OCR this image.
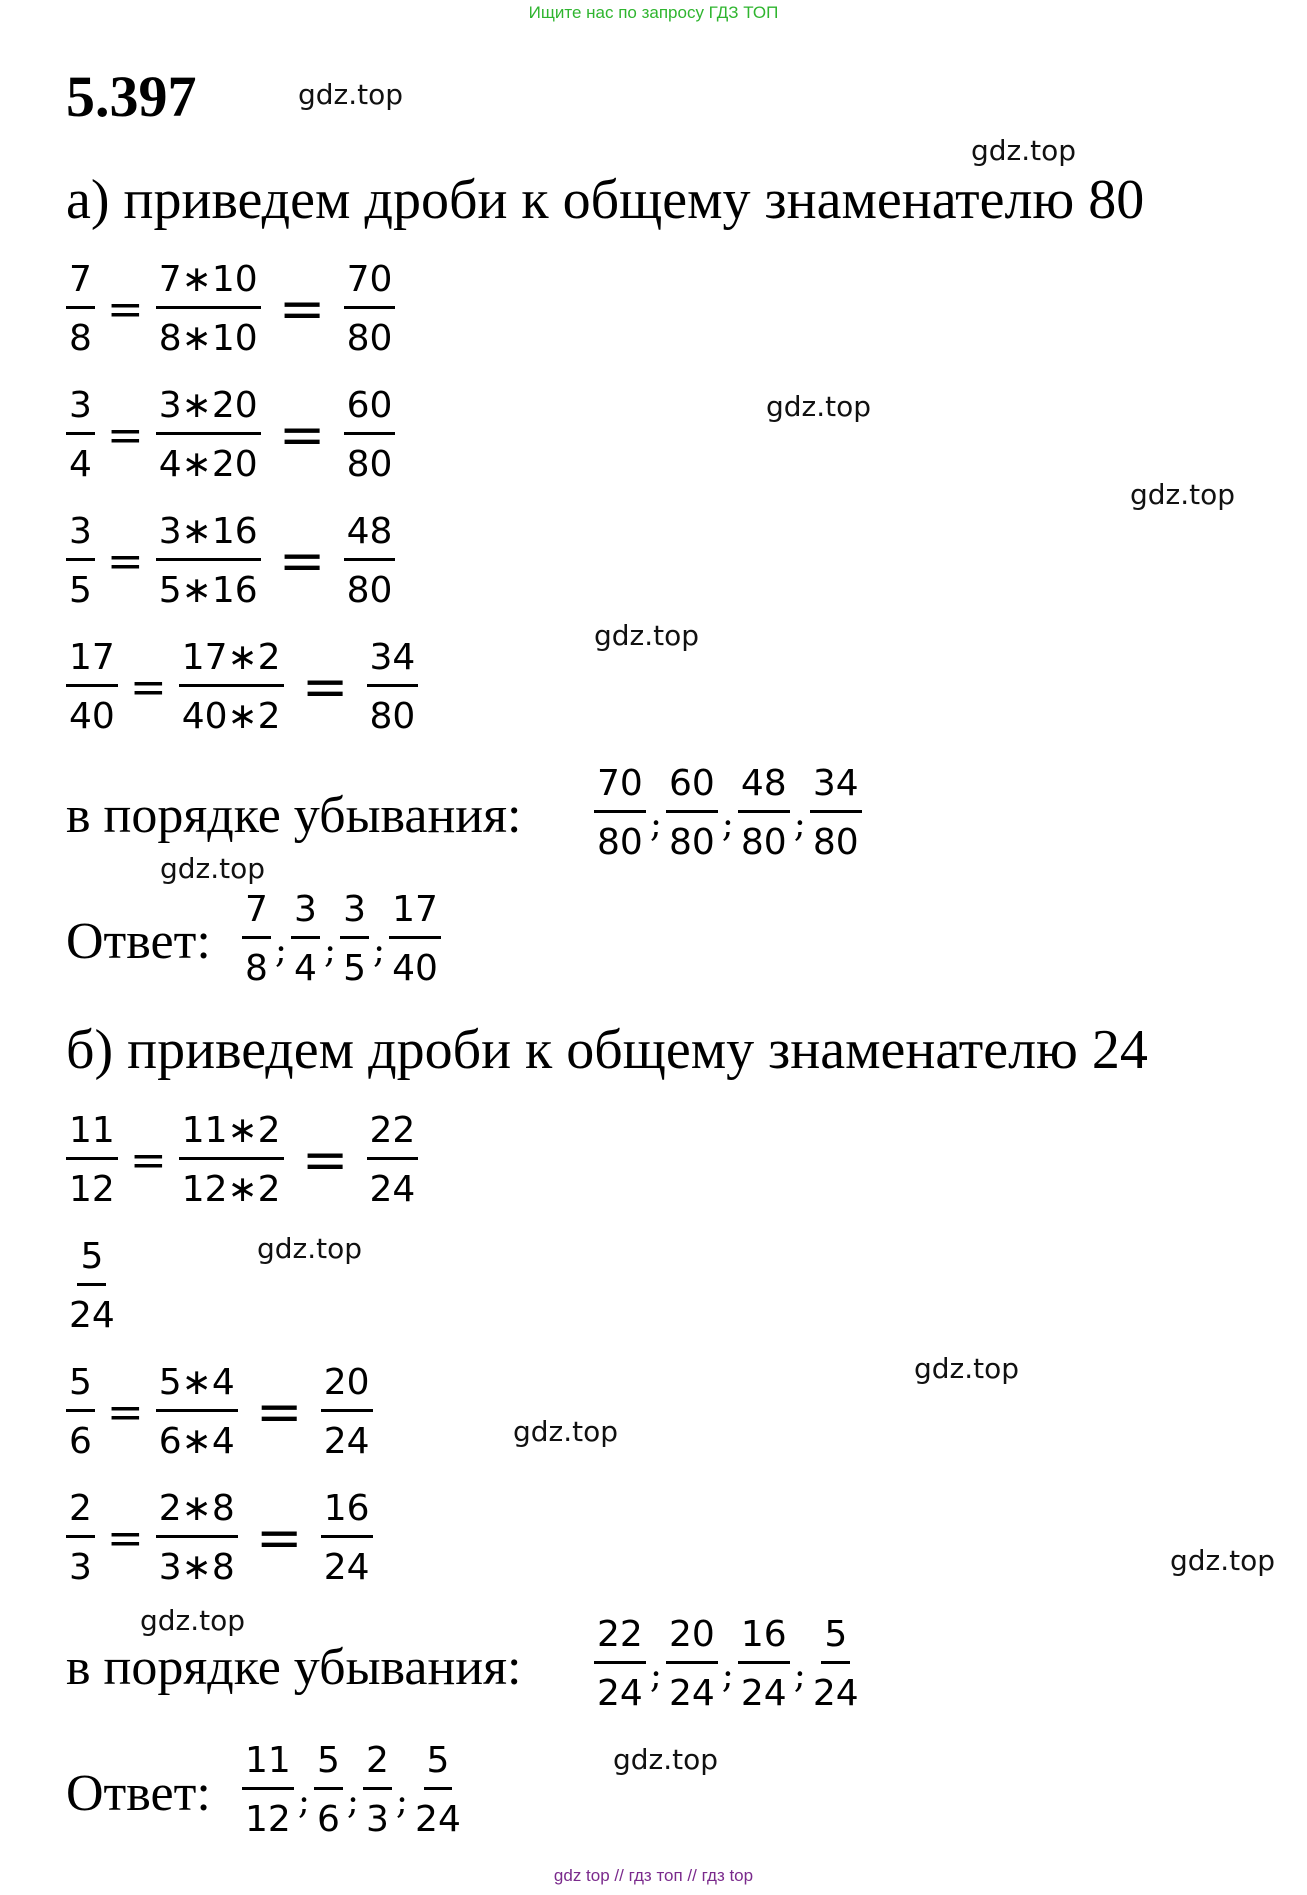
Ищите нас по запросу ГДЗ ТОП
5.397	gdz.top
gdz.top
gdz.top
gdz.top
gdz.top
gdz.top
gdz.top
gdz.top
gdz.top
gdz.top
gdz.top
gdz.top
а) приведем дроби к общему знаменателю 80
$\frac{7}{8} = \frac{7∗10}{8∗10} = \frac{70}{80}$
$\frac{3}{4} = \frac{3∗20}{4∗20} = \frac{60}{80}$
$\frac{3}{5} = \frac{3∗16}{5∗16} = \frac{48}{80}$
$\frac{17}{40} = \frac{17∗2}{40∗2} = \frac{34}{80}$
в порядке убывания: $\frac{70}{80}$ ; $\frac{60}{80}$ ; $\frac{48}{80}$ ; $\frac{34}{80}$
Ответ: $\frac{7}{8}$ ; $\frac{3}{4}$ ; $\frac{3}{5}$ ; $\frac{17}{40}$
б) приведем дроби к общему знаменателю 24
$\frac{11}{12} = \frac{11∗2}{12∗2} = \frac{22}{24}$
$\frac{5}{24}$
$\frac{5}{6} = \frac{5∗4}{6∗4} = \frac{20}{24}$
$\frac{2}{3} = \frac{2∗8}{3∗8} = \frac{16}{24}$
в порядке убывания: $\frac{22}{24}$ ; $\frac{20}{24}$ ; $\frac{16}{24}$ ; $\frac{5}{24}$
Ответ: $\frac{11}{12}$ ; $\frac{5}{6}$ ; $\frac{2}{3}$ ; $\frac{5}{24}$
gdz top // гдз топ // гдз top
